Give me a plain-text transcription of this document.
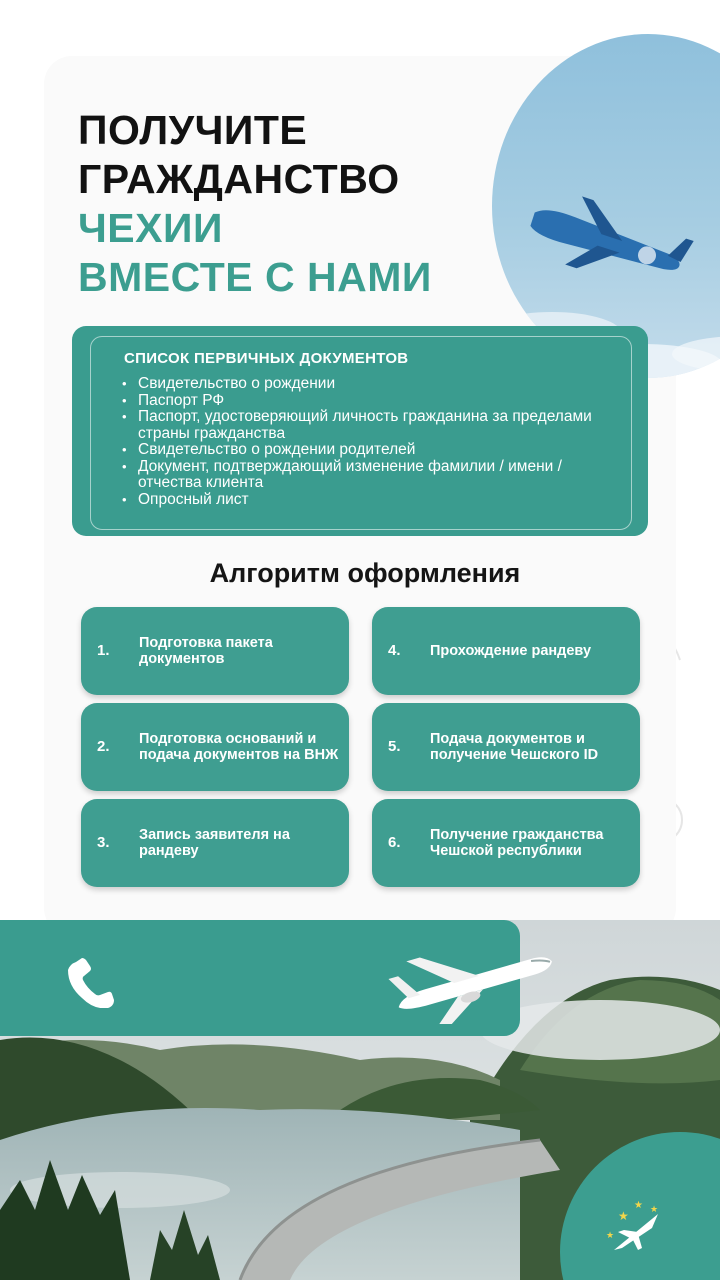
ПОЛУЧИТЕ
ГРАЖДАНСТВО
ЧЕХИИ
ВМЕСТЕ С НАМИ
СПИСОК ПЕРВИЧНЫХ ДОКУМЕНТОВ
• Свидетельство о рождении
• Паспорт РФ
• Паспорт, удостоверяющий личность гражданина за пределами страны гражданства
• Свидетельство о рождении родителей
• Документ, подтверждающий изменение фамилии / имени / отчества клиента
• Опросный лист
Алгоритм оформления
1. Подготовка пакета документов
2. Подготовка оснований и подача документов на ВНЖ
3. Запись заявителя на рандеву
4. Прохождение рандеву
5. Подача документов и получение Чешского ID
6. Получение гражданства Чешской республики
★
★ ★
★
